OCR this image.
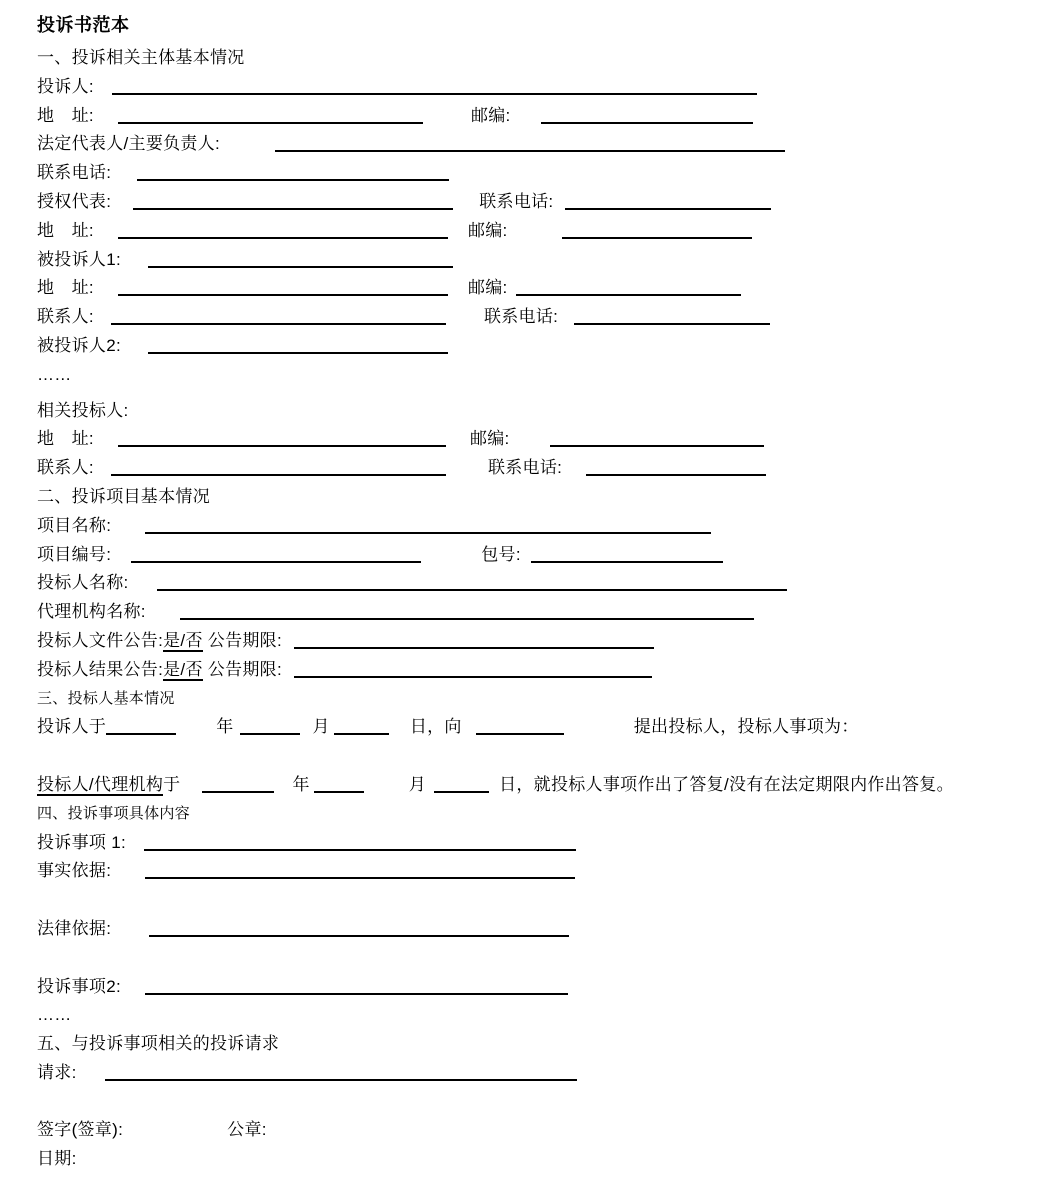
投诉书范本
一、投诉相关主体基本情况
投诉人:
地　址:	邮编:
法定代表人/主要负责人:
联系电话:
授权代表:	联系电话:
地　址:	邮编:
被投诉人1:
地　址:	邮编:
联系人:	联系电话:
被投诉人2:
……
相关投标人:
地　址:	邮编:
联系人:	联系电话:
二、投诉项目基本情况
项目名称:
项目编号:	包号:
投标人名称:
代理机构名称:
投标人文件公告:是/否 公告期限:
投标人结果公告:是/否 公告期限:
三、投标人基本情况
投诉人于	年	月	日，向	提出投标人，投标人事项为：
投标人/代理机构于	年	月	日，就投标人事项作出了答复/没有在法定期限内作出答复。
四、投诉事项具体内容
投诉事项 1:
事实依据:
法律依据:
投诉事项2:
……
五、与投诉事项相关的投诉请求
请求:
签字(签章):	公章:
日期:
